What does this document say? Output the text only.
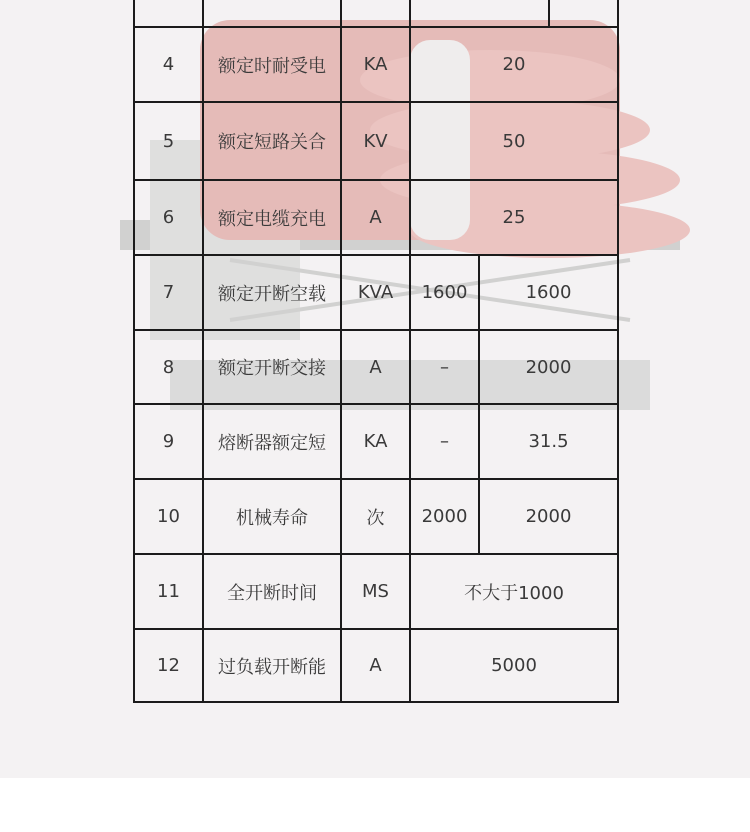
4	额定时耐受电	KA	20		
5	额定短路关合	KV	50		
6	额定电缆充电	A	25		
7	额定开断空载	KVA	1600	1600	
8	额定开断交接	A	–	2000	
9	熔断器额定短	KA	–	31.5	
10	机械寿命	次	2000	2000	
11	全开断时间	MS	不大于1000		
12	过负载开断能	A	5000		
